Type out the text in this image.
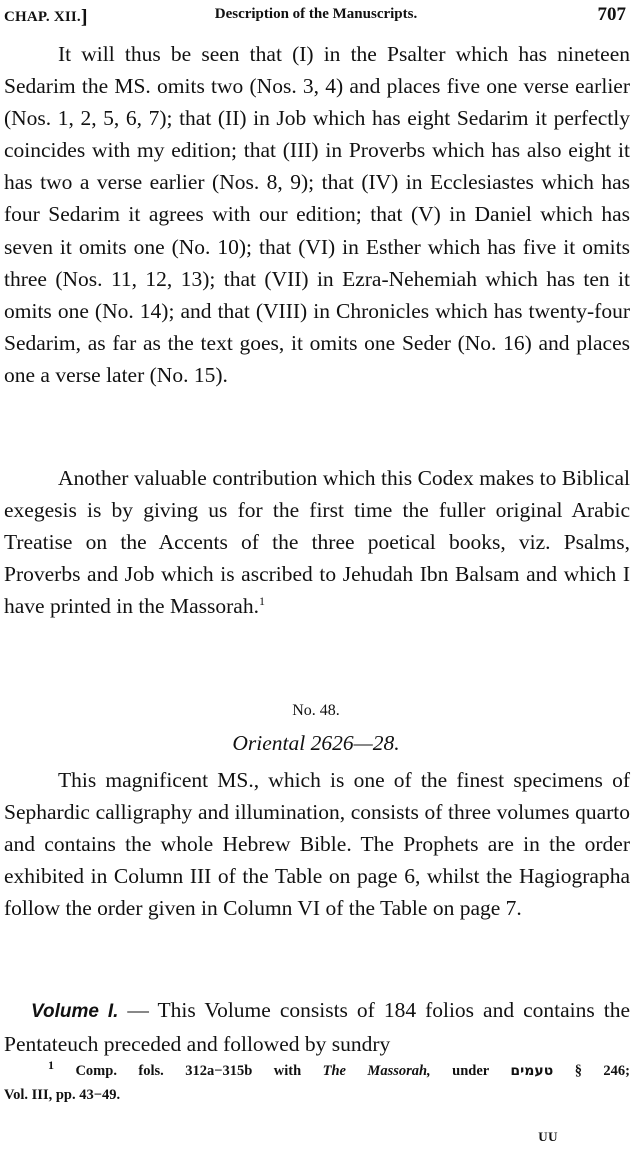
CHAP. XII.]	Description of the Manuscripts.	707

It will thus be seen that (I) in the Psalter which has nineteen Sedarim the MS. omits two (Nos. 3, 4) and places five one verse earlier (Nos. 1, 2, 5, 6, 7); that (II) in Job which has eight Sedarim it perfectly coincides with my edition; that (III) in Proverbs which has also eight it has two a verse earlier (Nos. 8, 9); that (IV) in Ecclesiastes which has four Sedarim it agrees with our edition; that (V) in Daniel which has seven it omits one (No. 10); that (VI) in Esther which has five it omits three (Nos. 11, 12, 13); that (VII) in Ezra-Nehemiah which has ten it omits one (No. 14); and that (VIII) in Chronicles which has twenty-four Sedarim, as far as the text goes, it omits one Seder (No. 16) and places one a verse later (No. 15).

Another valuable contribution which this Codex makes to Biblical exegesis is by giving us for the first time the fuller original Arabic Treatise on the Accents of the three poetical books, viz. Psalms, Proverbs and Job which is ascribed to Jehudah Ibn Balsam and which I have printed in the Massorah.$^1$

No. 48.
Oriental 2626—28.

This magnificent MS., which is one of the finest specimens of Sephardic calligraphy and illumination, consists of three volumes quarto and contains the whole Hebrew Bible. The Prophets are in the order exhibited in Column III of the Table on page 6, whilst the Hagiographa follow the order given in Column VI of the Table on page 7.

Volume I. — This Volume consists of 184 folios and contains the Pentateuch preceded and followed by sundry

$^1$ Comp. fols. 312a−315b with The Massorah, under טעמים § 246;
Vol. III, pp. 43−49.
UU
